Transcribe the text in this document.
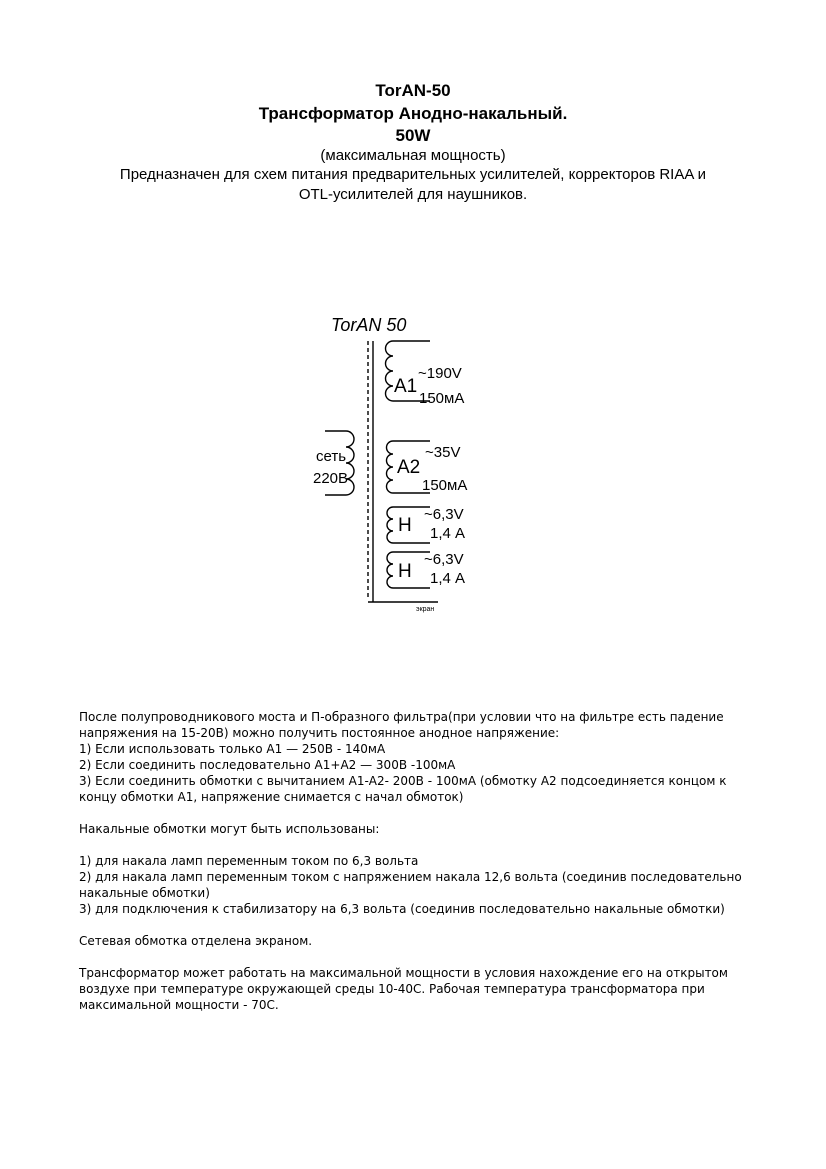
TorAN-50
Трансформатор Анодно-накальный.
50W
(максимальная мощность)
Предназначен для схем питания предварительных усилителей, корректоров RIAA и
OTL-усилителей для наушников.
TorAN 50
сеть
220В
A1
~190V
150мА
A2
~35V
150мА
Н
~6,3V
1,4 А
Н
~6,3V
1,4 А
экран

После полупроводникового моста и П-образного фильтра(при условии что на фильтре есть падение

напряжения на 15-20В) можно получить постоянное анодное напряжение:

1) Если использовать только А1 — 250В - 140мА

2) Если соединить последовательно А1+А2 — 300В -100мА

3) Если соединить обмотки с вычитанием А1-А2- 200В - 100мА (обмотку А2 подсоединяется концом к

концу обмотки А1, напряжение снимается с начал обмоток)

Накальные обмотки могут быть использованы:

1) для накала ламп переменным током по 6,3 вольта

2) для накала ламп переменным током с напряжением накала 12,6 вольта (соединив последовательно

накальные обмотки)

3) для подключения к стабилизатору на 6,3 вольта (соединив последовательно накальные обмотки)

Сетевая обмотка отделена экраном.

Трансформатор может работать на максимальной мощности в условия нахождение его на открытом

воздухе при температуре окружающей среды 10-40С. Рабочая температура трансформатора при

максимальной мощности - 70С.
